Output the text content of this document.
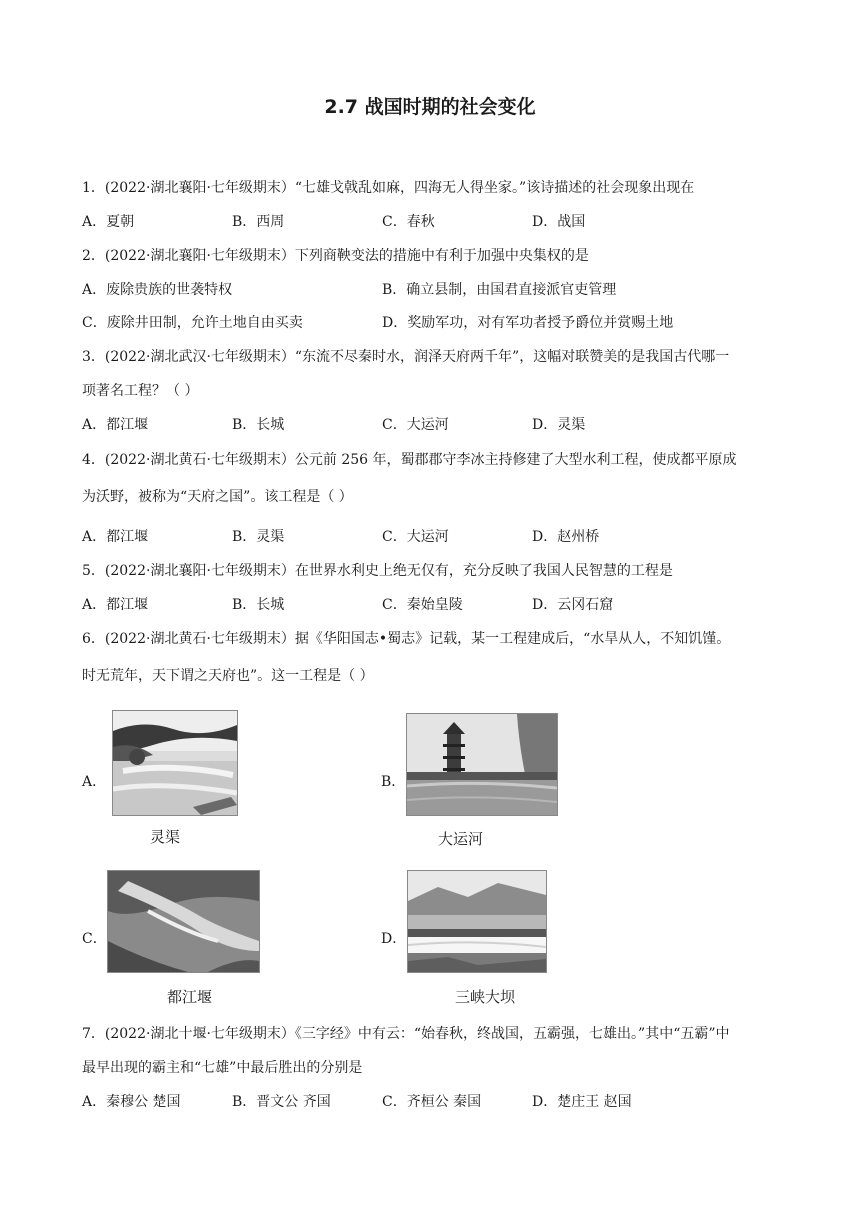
2.7 战国时期的社会变化
1．(2022·湖北襄阳·七年级期末）“七雄戈戟乱如麻，四海无人得坐家。”该诗描述的社会现象出现在
A．夏朝	B．西周	C．春秋	D．战国
2．(2022·湖北襄阳·七年级期末）下列商鞅变法的措施中有利于加强中央集权的是
A．废除贵族的世袭特权	B．确立县制，由国君直接派官吏管理
C．废除井田制，允许土地自由买卖	D．奖励军功，对有军功者授予爵位并赏赐土地
3．(2022·湖北武汉·七年级期末）“东流不尽秦时水，润泽天府两千年”，这幅对联赞美的是我国古代哪一
项著名工程？（ ）
A．都江堰	B．长城	C．大运河	D．灵渠
4．(2022·湖北黄石·七年级期末）公元前 256 年，蜀郡郡守李冰主持修建了大型水利工程，使成都平原成
为沃野，被称为“天府之国”。该工程是（ ）
A．都江堰	B．灵渠	C．大运河	D．赵州桥
5．(2022·湖北襄阳·七年级期末）在世界水利史上绝无仅有，充分反映了我国人民智慧的工程是
A．都江堰	B．长城	C．秦始皇陵	D．云冈石窟
6．(2022·湖北黄石·七年级期末）据《华阳国志•蜀志》记载，某一工程建成后，“水旱从人，不知饥馑。
时无荒年，天下谓之天府也”。这一工程是（ ）
A．
灵渠
B．
大运河
C．
都江堰
D．
三峡大坝
7．(2022·湖北十堰·七年级期末）《三字经》中有云：“始春秋，终战国，五霸强，七雄出。”其中“五霸”中
最早出现的霸主和“七雄”中最后胜出的分别是
A．秦穆公 楚国	B．晋文公 齐国	C．齐桓公 秦国	D．楚庄王 赵国
